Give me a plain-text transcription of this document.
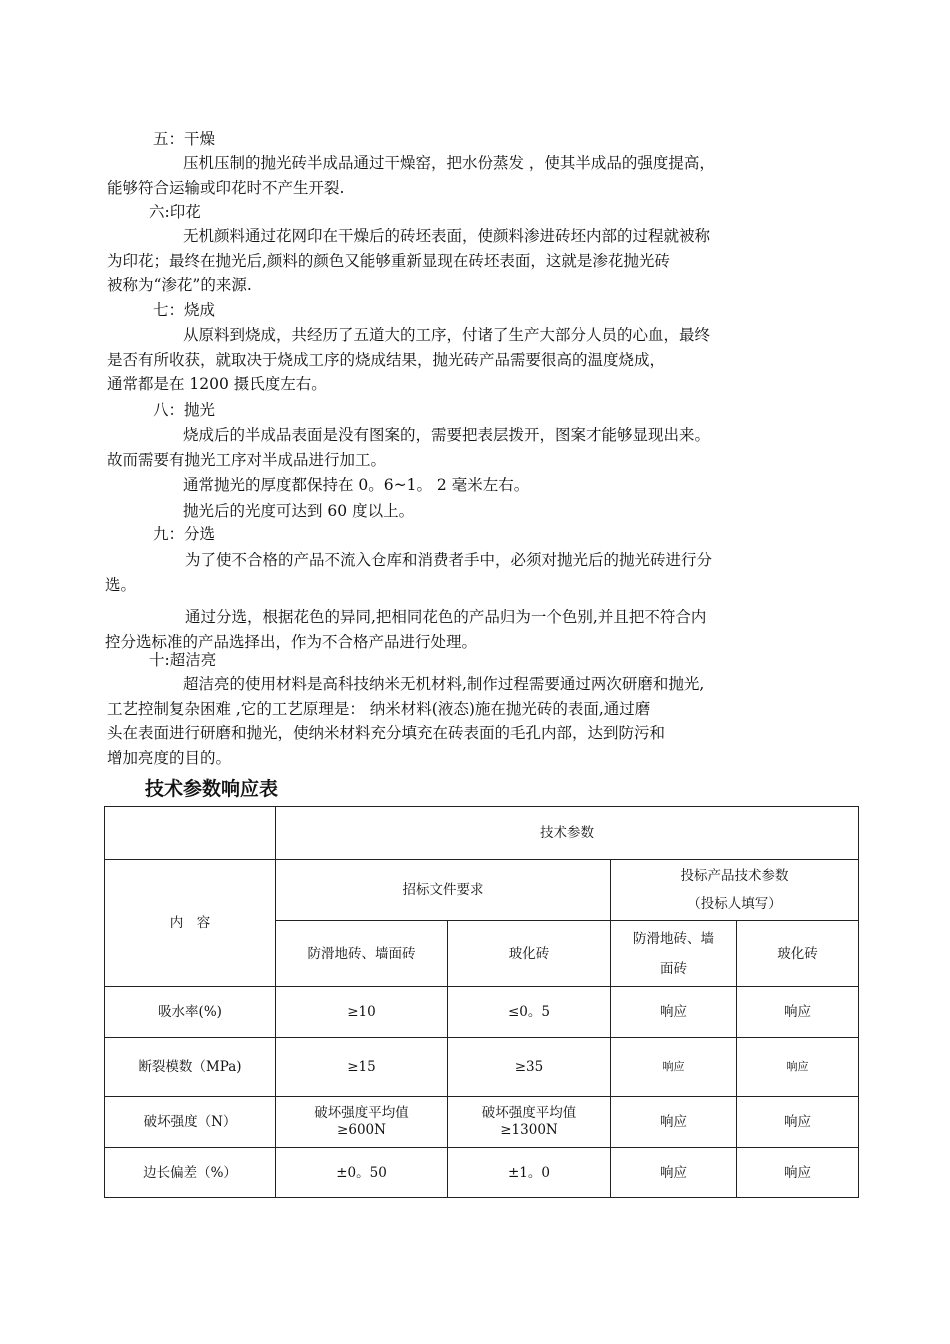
五：干燥

压机压制的抛光砖半成品通过干燥窑，把水份蒸发 ，使其半成品的强度提高，
能够符合运输或印花时不产生开裂.

六:印花

无机颜料通过花网印在干燥后的砖坯表面，使颜料渗进砖坯内部的过程就被称
为印花；最终在抛光后,颜料的颜色又能够重新显现在砖坯表面，这就是渗花抛光砖
被称为“渗花”的来源.

七：烧成

从原料到烧成，共经历了五道大的工序，付诸了生产大部分人员的心血，最终
是否有所收获，就取决于烧成工序的烧成结果，抛光砖产品需要很高的温度烧成，
通常都是在 1200 摄氏度左右。

八：抛光

烧成后的半成品表面是没有图案的，需要把表层拨开，图案才能够显现出来。
故而需要有抛光工序对半成品进行加工。

通常抛光的厚度都保持在 0。6~1。 2 毫米左右。

抛光后的光度可达到 60 度以上。

九：分选

为了使不合格的产品不流入仓库和消费者手中，必须对抛光后的抛光砖进行分
选。

通过分选，根据花色的异同,把相同花色的产品归为一个色别,并且把不符合内
控分选标准的产品选择出，作为不合格产品进行处理。

十:超洁亮

超洁亮的使用材料是高科技纳米无机材料,制作过程需要通过两次研磨和抛光,
工艺控制复杂困难 ,它的工艺原理是： 纳米材料(液态)施在抛光砖的表面,通过磨
头在表面进行研磨和抛光，使纳米材料充分填充在砖表面的毛孔内部，达到防污和
增加亮度的目的。

技术参数响应表
	技术参数			
内　容	招标文件要求		投标产品技术参数
（投标人填写）	

	防滑地砖、墙面砖	玻化砖	防滑地砖、墙
面砖	玻化砖
吸水率(%)	≥10	≤0。5	响应	响应
断裂模数（MPa)	≥15	≥35	响应	响应
破坏强度（N）	破坏强度平均值
≥600N	破坏强度平均值
≥1300N	响应	响应
边长偏差（%）	±0。50	±1。0	响应	响应
